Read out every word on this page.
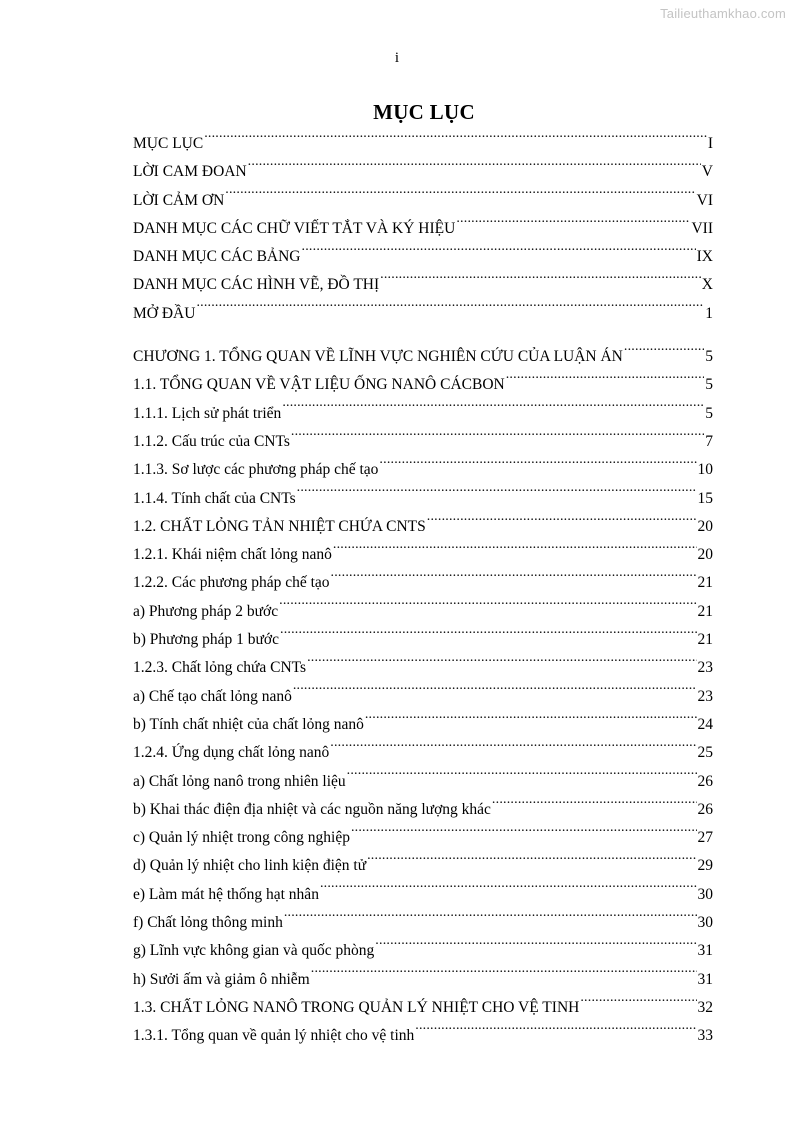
Tailieuthamkhao.com
i
MỤC LỤC
MỤC LỤC .....	I
LỜI CAM ĐOAN .....	V
LỜI CẢM ƠN .....	VI
DANH MỤC CÁC CHỮ VIẾT TẮT VÀ KÝ HIỆU .....	VII
DANH MỤC CÁC BẢNG .....	IX
DANH MỤC CÁC HÌNH VẼ, ĐỒ THỊ .....	X
MỞ ĐẦU .....	1
CHƯƠNG 1. TỔNG QUAN VỀ LĨNH VỰC NGHIÊN CỨU CỦA LUẬN ÁN .....	5
1.1. TỔNG QUAN VỀ VẬT LIỆU ỐNG NANÔ CÁCBON .....	5
1.1.1. Lịch sử phát triển .....	5
1.1.2. Cấu trúc của CNTs .....	7
1.1.3. Sơ lược các phương pháp chế tạo .....	10
1.1.4. Tính chất của CNTs .....	15
1.2. CHẤT LỎNG TẢN NHIỆT CHỨA CNTS .....	20
1.2.1. Khái niệm chất lỏng nanô .....	20
1.2.2. Các phương pháp chế tạo .....	21
a) Phương pháp 2 bước .....	21
b) Phương pháp 1 bước .....	21
1.2.3. Chất lỏng chứa CNTs .....	23
a) Chế tạo chất lỏng nanô .....	23
b) Tính chất nhiệt của chất lỏng nanô .....	24
1.2.4. Ứng dụng chất lỏng nanô .....	25
a) Chất lỏng nanô trong nhiên liệu .....	26
b) Khai thác điện địa nhiệt và các nguồn năng lượng khác .....	26
c) Quản lý nhiệt trong công nghiệp .....	27
d) Quản lý nhiệt cho linh kiện điện tử .....	29
e) Làm mát hệ thống hạt nhân .....	30
f) Chất lỏng thông minh .....	30
g) Lĩnh vực không gian và quốc phòng .....	31
h) Sưởi ấm và giảm ô nhiễm .....	31
1.3. CHẤT LỎNG NANÔ TRONG QUẢN LÝ NHIỆT CHO VỆ TINH .....	32
1.3.1. Tổng quan về quản lý nhiệt cho vệ tinh .....	33
